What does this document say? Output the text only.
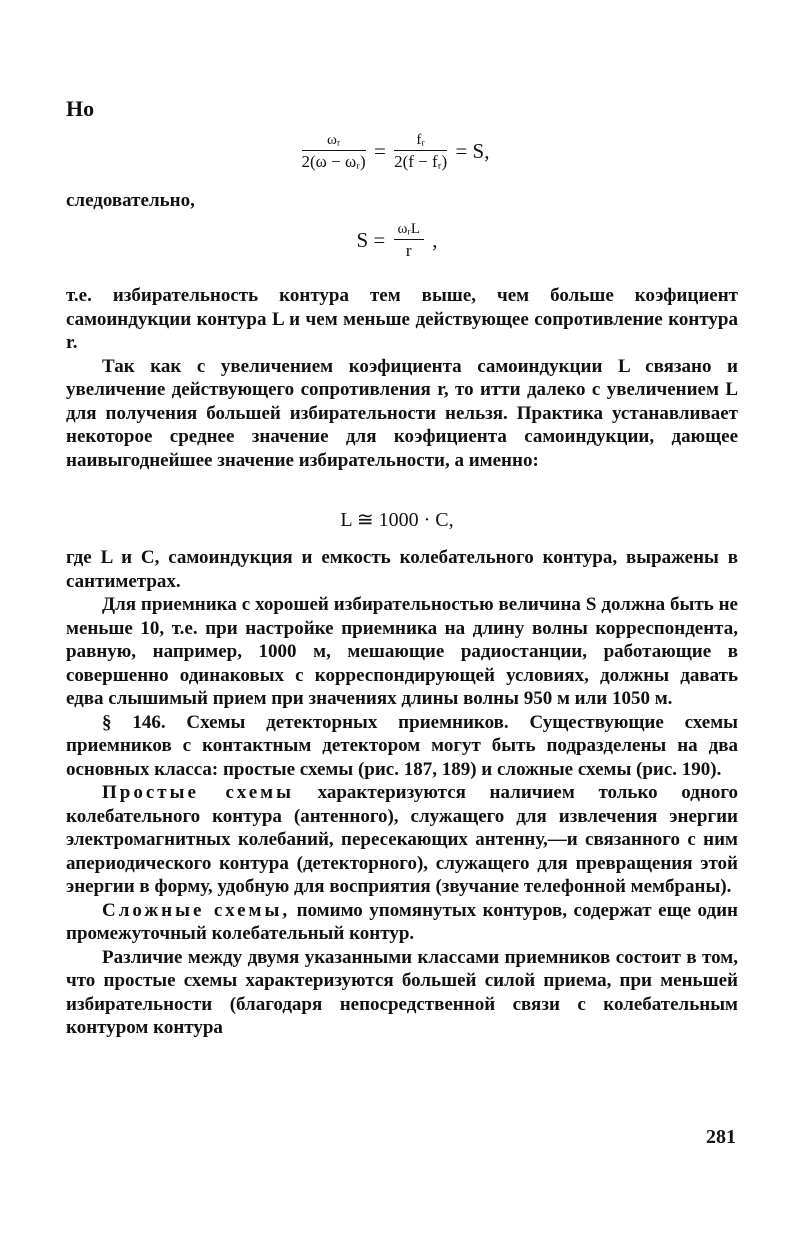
Но
$\frac{\text{ωᵣ}}{\text{2(ω − ωᵣ)}} = \frac{\text{fᵣ}}{\text{2(f − fᵣ)}} = S$,
следовательно,
$S = \frac{\text{ωᵣL}}{r}$ ,

т.е. избирательность контура тем выше, чем больше коэфициент самоиндукции контура L и чем меньше действующее сопротивление контура r.

Так как с увеличением коэфициента самоиндукции L связано и увеличение действующего сопротивления r, то итти далеко с увеличением L для получения большей избирательности нельзя. Практика устанавливает некоторое среднее значение для коэфициента самоиндукции, дающее наивыгоднейшее значение избирательности, а именно:

L ≅ 1000 · C,

где L и C, самоиндукция и емкость колебательного контура, выражены в сантиметрах.

Для приемника с хорошей избирательностью величина S должна быть не меньше 10, т.е. при настройке приемника на длину волны корреспондента, равную, например, 1000 м, мешающие радиостанции, работающие в совершенно одинаковых с корреспондирующей условиях, должны давать едва слышимый прием при значениях длины волны 950 м или 1050 м.

§ 146. Схемы детекторных приемников. Существующие схемы приемников с контактным детектором могут быть подразделены на два основных класса: простые схемы (рис. 187, 189) и сложные схемы (рис. 190).

Простые схемы характеризуются наличием только одного колебательного контура (антенного), служащего для извлечения энергии электромагнитных колебаний, пересекающих антенну,—и связанного с ним апериодического контура (детекторного), служащего для превращения этой энергии в форму, удобную для восприятия (звучание телефонной мембраны).

Сложные схемы, помимо упомянутых контуров, содержат еще один промежуточный колебательный контур.

Различие между двумя указанными классами приемников состоит в том, что простые схемы характеризуются большей силой приема, при меньшей избирательности (благодаря непосредственной связи с колебательным контуром контура

281
